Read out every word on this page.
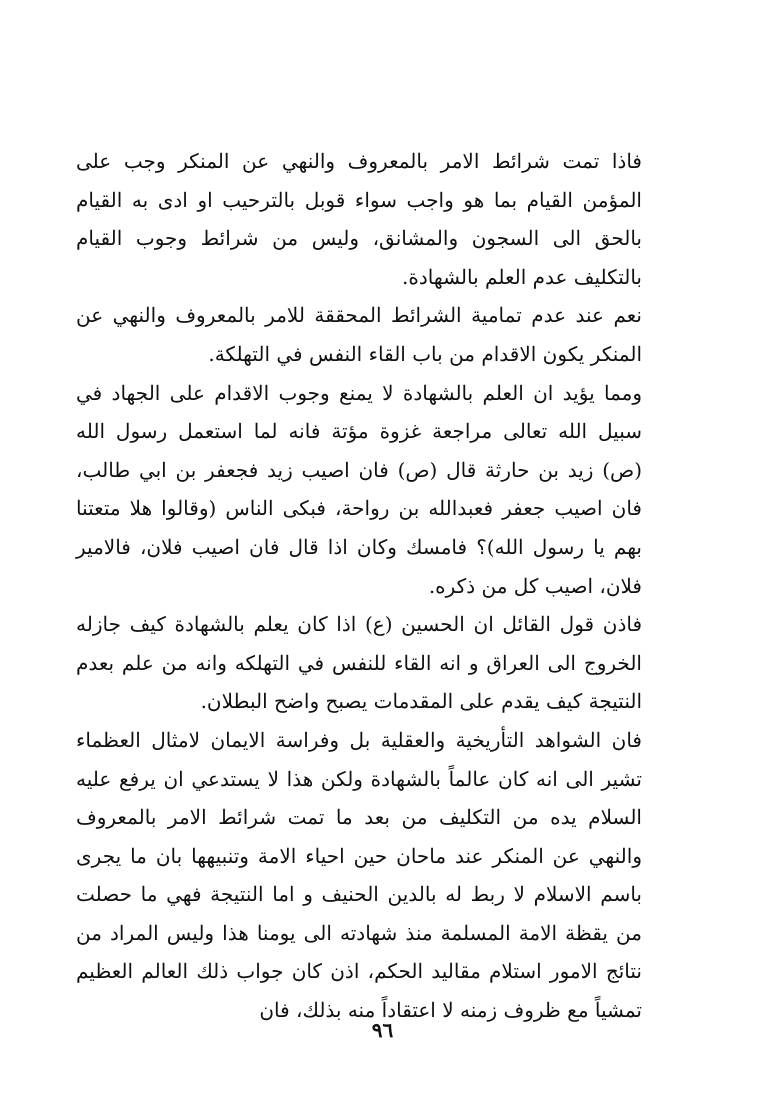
فاذا تمت شرائط الامر بالمعروف والنهي عن المنكر وجب على المؤمن القيام بما هو واجب سواء قوبل بالترحيب او ادى به القيام بالحق الى السجون والمشانق، وليس من شرائط وجوب القيام بالتكليف عدم العلم بالشهادة.

نعم عند عدم تمامية الشرائط المحققة للامر بالمعروف والنهي عن المنكر يكون الاقدام من باب القاء النفس في التهلكة.

ومما يؤيد ان العلم بالشهادة لا يمنع وجوب الاقدام على الجهاد في سبيل الله تعالى مراجعة غزوة مؤتة فانه لما استعمل رسول الله (ص) زيد بن حارثة قال (ص) فان اصيب زيد فجعفر بن ابي طالب، فان اصيب جعفر فعبدالله بن رواحة، فبكى الناس (وقالوا هلا متعتنا بهم يا رسول الله)؟ فامسك وكان اذا قال فان اصيب فلان، فالامير فلان، اصيب كل من ذكره.

فاذن قول القائل ان الحسين (ع) اذا كان يعلم بالشهادة كيف جازله الخروج الى العراق و انه القاء للنفس في التهلكه وانه من علم بعدم النتيجة كيف يقدم على المقدمات يصبح واضح البطلان.

فان الشواهد التأريخية والعقلية بل وفراسة الايمان لامثال العظماء تشير الى انه كان عالماً بالشهادة ولكن هذا لا يستدعي ان يرفع عليه السلام يده من التكليف من بعد ما تمت شرائط الامر بالمعروف والنهي عن المنكر عند ماحان حين احياء الامة وتنبيهها بان ما يجرى باسم الاسلام لا ربط له بالدين الحنيف و اما النتيجة فهي ما حصلت من يقظة الامة المسلمة منذ شهادته الى يومنا هذا وليس المراد من نتائج الامور استلام مقاليد الحكم، اذن كان جواب ذلك العالم العظيم تمشياً مع ظروف زمنه لا اعتقاداً منه بذلك، فان

٩٦
